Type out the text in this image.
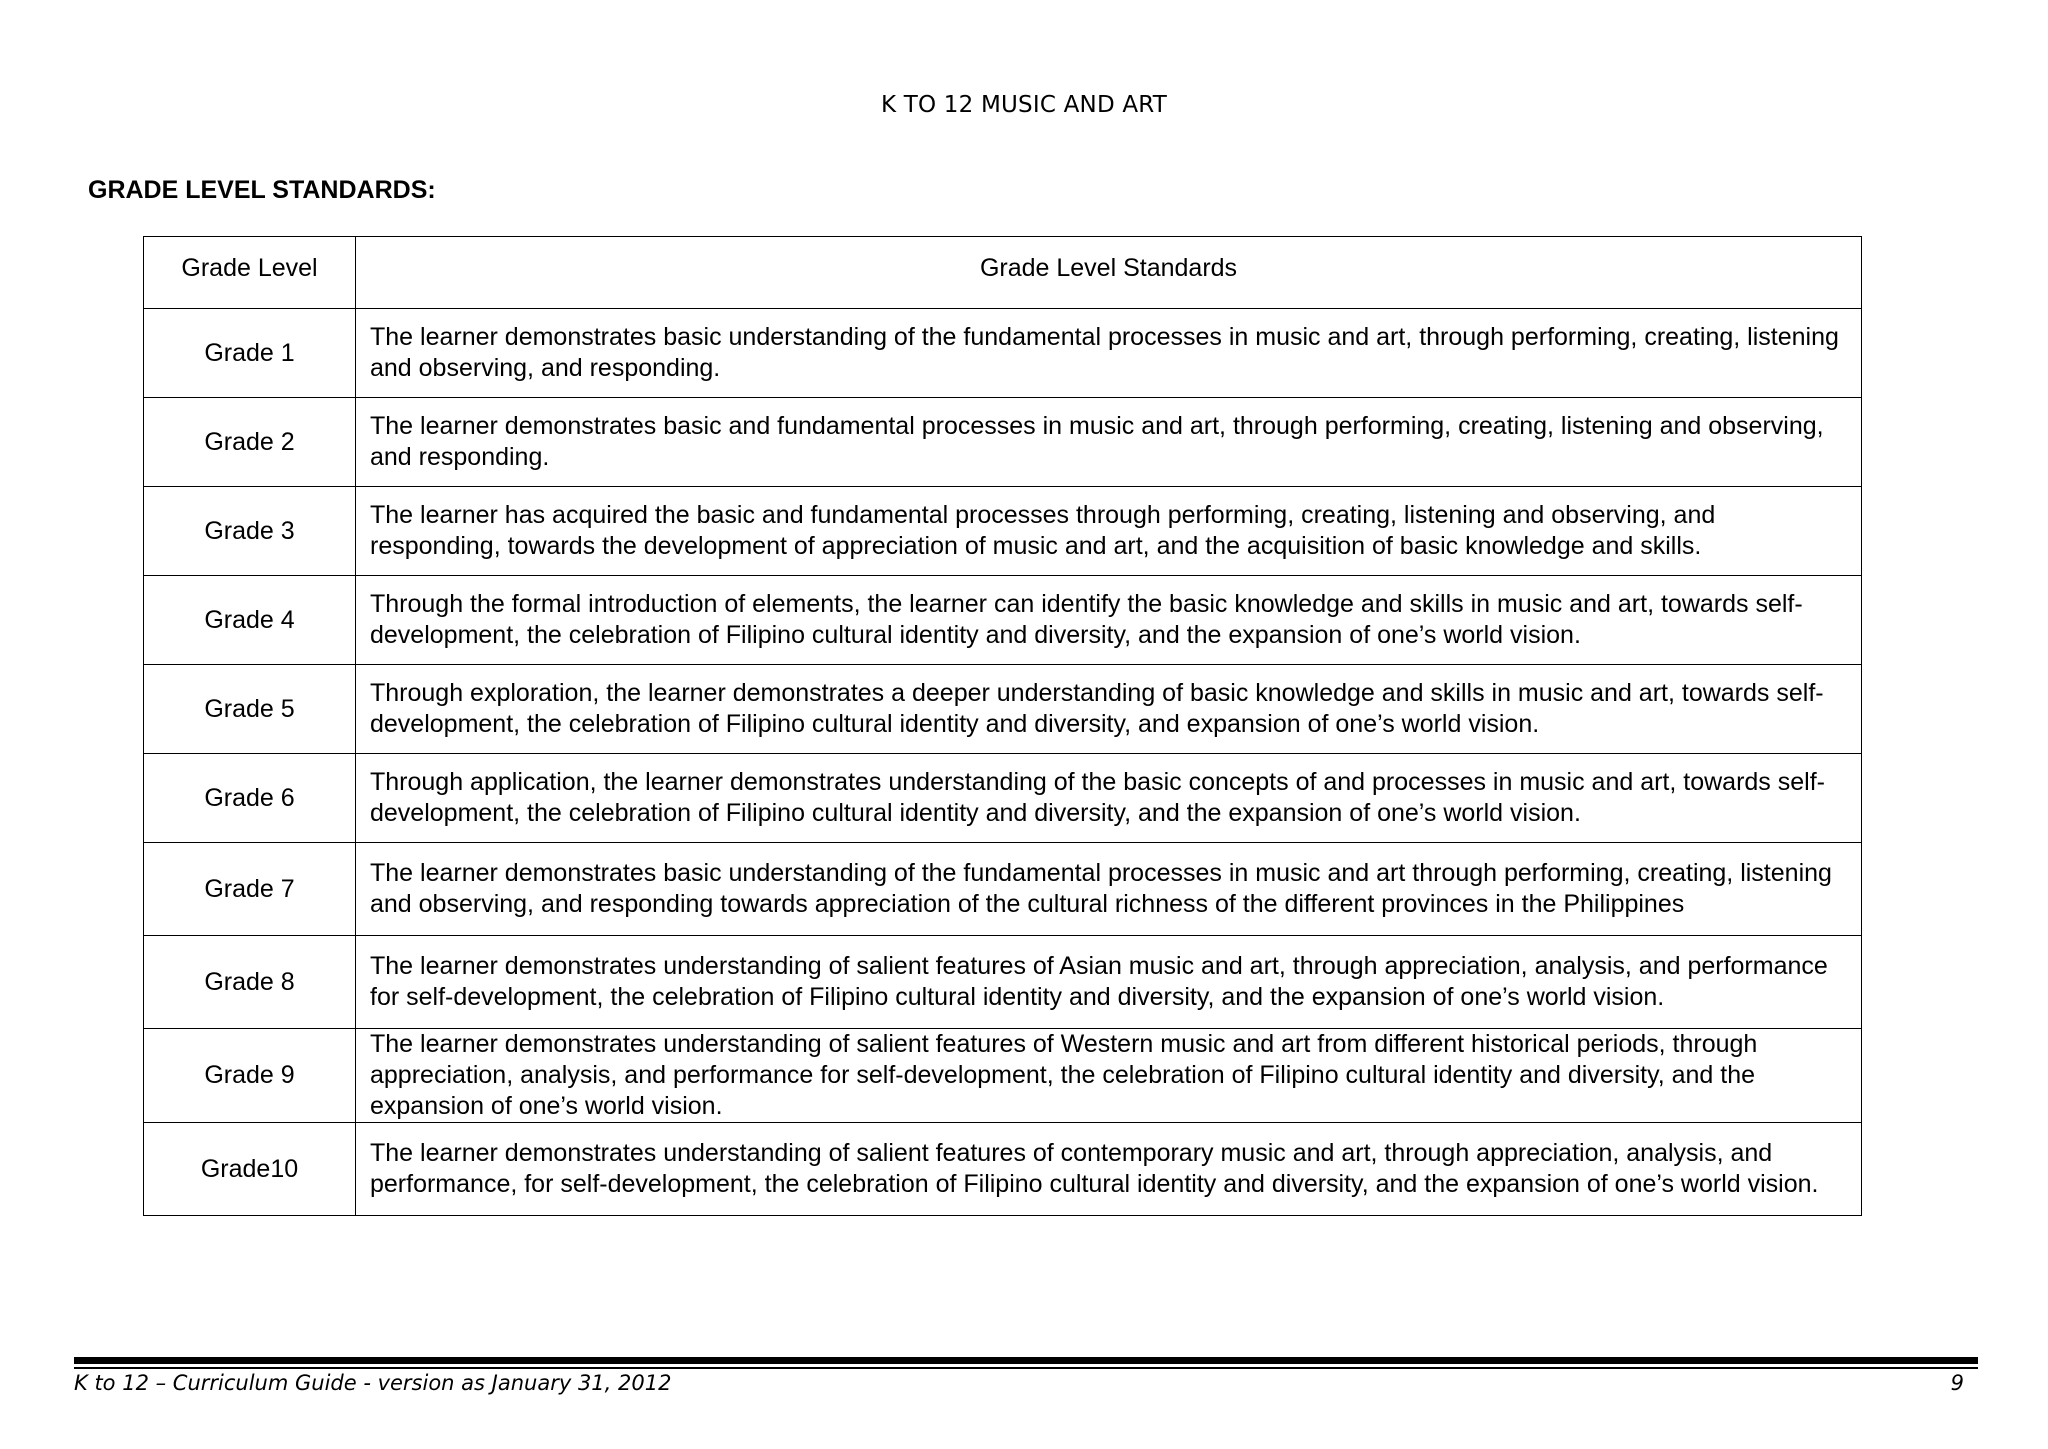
K TO 12 MUSIC AND ART
GRADE LEVEL STANDARDS:
Grade Level	Grade Level Standards
Grade 1	The learner demonstrates basic understanding of the fundamental processes in music and art, through performing, creating, listening and observing, and responding.
Grade 2	The learner demonstrates basic and fundamental processes in music and art, through performing, creating, listening and observing, and responding.
Grade 3	The learner has acquired the basic and fundamental processes through performing, creating, listening and observing, and responding, towards the development of appreciation of music and art, and the acquisition of basic knowledge and skills.
Grade 4	Through the formal introduction of elements, the learner can identify the basic knowledge and skills in music and art, towards self-development, the celebration of Filipino cultural identity and diversity, and the expansion of one’s world vision.
Grade 5	Through exploration, the learner demonstrates a deeper understanding of basic knowledge and skills in music and art, towards self-development, the celebration of Filipino cultural identity and diversity, and expansion of one’s world vision.
Grade 6	Through application, the learner demonstrates understanding of the basic concepts of and processes in music and art, towards self-development, the celebration of Filipino cultural identity and diversity, and the expansion of one’s world vision.
Grade 7	The learner demonstrates basic understanding of the fundamental processes in music and art through performing, creating, listening and observing, and responding towards appreciation of the cultural richness of the different provinces in the Philippines
Grade 8	The learner demonstrates understanding of salient features of Asian music and art, through appreciation, analysis, and performance for self-development, the celebration of Filipino cultural identity and diversity, and the expansion of one’s world vision.
Grade 9	The learner demonstrates understanding of salient features of Western music and art from different historical periods, through appreciation, analysis, and performance for self-development, the celebration of Filipino cultural identity and diversity, and the expansion of one’s world vision.
Grade10	The learner demonstrates understanding of salient features of contemporary music and art, through appreciation, analysis, and performance, for self-development, the celebration of Filipino cultural identity and diversity, and the expansion of one’s world vision.
K to 12 – Curriculum Guide - version as January 31, 2012	9
